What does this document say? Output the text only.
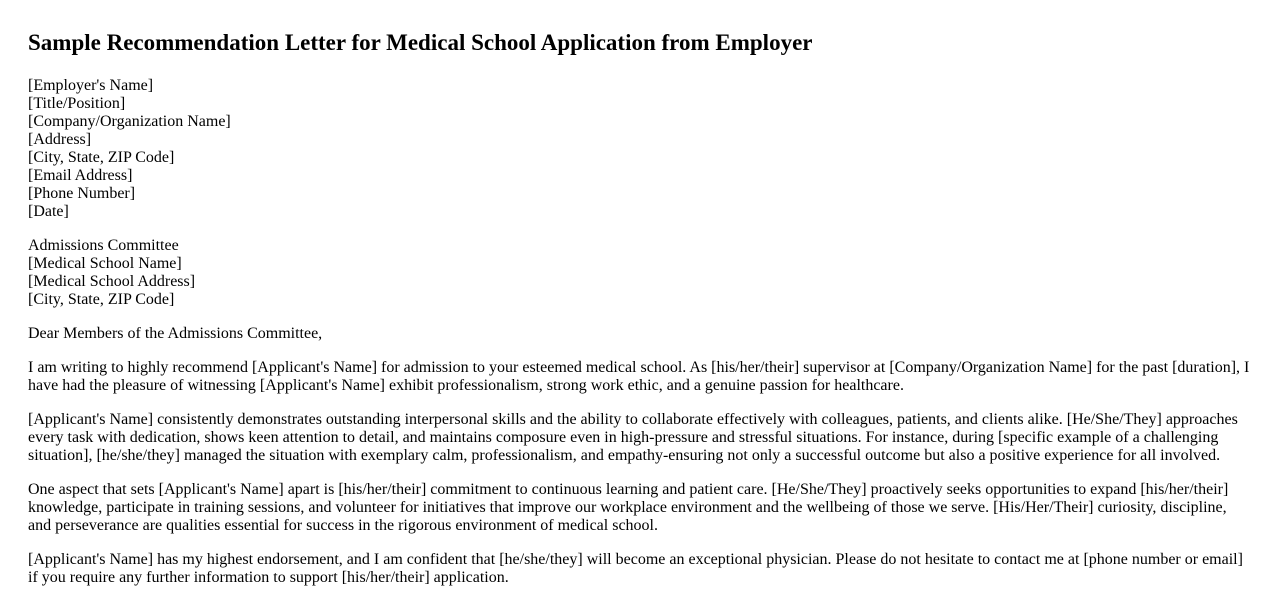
Sample Recommendation Letter for Medical School Application from Employer

[Employer's Name]
[Title/Position]
[Company/Organization Name]
[Address]
[City, State, ZIP Code]
[Email Address]
[Phone Number]
[Date]

Admissions Committee
[Medical School Name]
[Medical School Address]
[City, State, ZIP Code]

Dear Members of the Admissions Committee,

I am writing to highly recommend [Applicant's Name] for admission to your esteemed medical school. As [his/her/their] supervisor at [Company/Organization Name] for the past [duration], I have had the pleasure of witnessing [Applicant's Name] exhibit professionalism, strong work ethic, and a genuine passion for healthcare.

[Applicant's Name] consistently demonstrates outstanding interpersonal skills and the ability to collaborate effectively with colleagues, patients, and clients alike. [He/She/They] approaches every task with dedication, shows keen attention to detail, and maintains composure even in high-pressure and stressful situations. For instance, during [specific example of a challenging situation], [he/she/they] managed the situation with exemplary calm, professionalism, and empathy-ensuring not only a successful outcome but also a positive experience for all involved.

One aspect that sets [Applicant's Name] apart is [his/her/their] commitment to continuous learning and patient care. [He/She/They] proactively seeks opportunities to expand [his/her/their] knowledge, participate in training sessions, and volunteer for initiatives that improve our workplace environment and the wellbeing of those we serve. [His/Her/Their] curiosity, discipline, and perseverance are qualities essential for success in the rigorous environment of medical school.

[Applicant's Name] has my highest endorsement, and I am confident that [he/she/they] will become an exceptional physician. Please do not hesitate to contact me at [phone number or email] if you require any further information to support [his/her/their] application.
